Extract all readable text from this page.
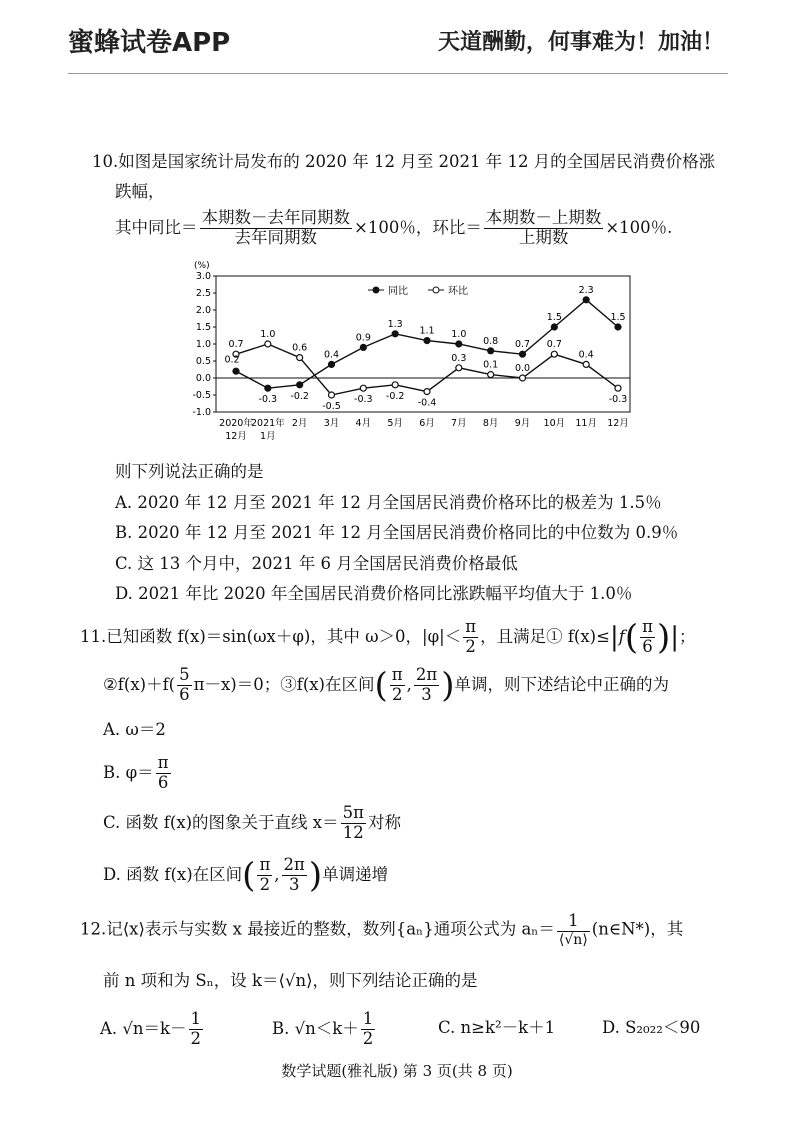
蜜蜂试卷APP	天道酬勤，何事难为！加油！
10.如图是国家统计局发布的 2020 年 12 月至 2021 年 12 月的全国居民消费价格涨
跌幅，
其中同比＝ $\frac{\text{本期数－去年同期数}}{\text{去年同期数}} \times 100$％，环比＝ $\frac{\text{本期数－上期数}}{\text{上期数}} \times 100$％.
(%)
3.0
2.5
2.0
1.5
1.0
0.5
0.0
-0.5
-1.0
2020年
12月
2021年
1月
2月 3月 4月 5月 6月 7月 8月 9月 10月 11月 12月
同比	环比
-0.3 -0.2
0.4
0.9
1.3
1.1 1.0
0.8 0.7
1.5
2.3
1.5
0.7
1.0
0.6
-0.5
-0.3 -0.2
-0.4
0.3
0.1 0.0
0.7
0.4
-0.3
0.2
则下列说法正确的是
A. 2020 年 12 月至 2021 年 12 月全国居民消费价格环比的极差为 1.5％
B. 2020 年 12 月至 2021 年 12 月全国居民消费价格同比的中位数为 0.9％
C. 这 13 个月中，2021 年 6 月全国居民消费价格最低
D. 2021 年比 2020 年全国居民消费价格同比涨跌幅平均值大于 1.0％
11.已知函数 f(x)＝sin(ωx＋φ)，其中 ω＞0，$|\varphi|< \frac{\pi}{2}$ ，且满足① $f(x)\le|f( \frac{\pi}{6}$ )|；
②f(x)＋f( $\frac{5}{6} \pi-x)=0$；③f(x)在区间( $\frac{\pi}{2}$ , $\frac{2\pi}{3}$ )单调，则下述结论中正确的为
A. ω＝2
B. $\varphi= \frac{\pi}{6}$
C. 函数 f(x)的图象关于直线 $x= \frac{5\pi}{12}$ 对称
D. 函数 f(x)在区间( $\frac{\pi}{2}$ , $\frac{2\pi}{3}$ )单调递增
12.记⟨x⟩表示与实数 x 最接近的整数，数列{aₙ}通项公式为 $a_n= \frac{1}{⟨√n⟩}$ (n∈N*)，其
前 n 项和为 Sₙ，设 k＝⟨√n⟩，则下列结论正确的是
A. $√n=k- \frac{1}{2}$	B. $√n<k+ \frac{1}{2}$	C. n≥k²－k＋1	D. S₂₀₂₂＜90
数学试题(雅礼版) 第 3 页(共 8 页)
